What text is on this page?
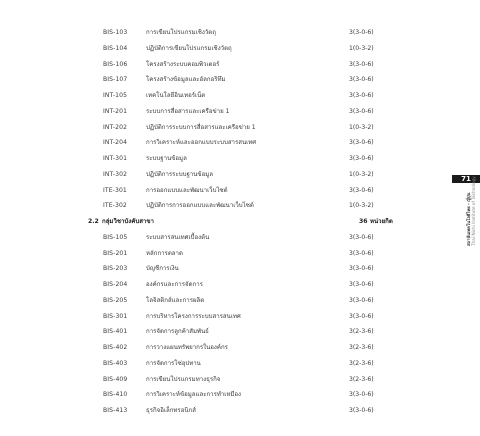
BIS-103	การเขียนโปรแกรมเชิงวัตถุ	3(3-0-6)
BIS-104	ปฏิบัติการเขียนโปรแกรมเชิงวัตถุ	1(0-3-2)
BIS-106	โครงสร้างระบบคอมพิวเตอร์	3(3-0-6)
BIS-107	โครงสร้างข้อมูลและอัลกอริทึม	3(3-0-6)
INT-105	เทคโนโลยีอินเทอร์เน็ต	3(3-0-6)
INT-201	ระบบการสื่อสารและเครือข่าย 1	3(3-0-6)
INT-202	ปฏิบัติการระบบการสื่อสารและเครือข่าย 1	1(0-3-2)
INT-204	การวิเคราะห์และออกแบบระบบสารสนเทศ	3(3-0-6)
INT-301	ระบบฐานข้อมูล	3(3-0-6)
INT-302	ปฏิบัติการระบบฐานข้อมูล	1(0-3-2)
ITE-301	การออกแบบและพัฒนาเว็บไซต์	3(3-0-6)
ITE-302	ปฏิบัติการการออกแบบและพัฒนาเว็บไซต์	1(0-3-2)
2.2 กลุ่มวิชาบังคับสาขา	36 หน่วยกิต
BIS-105	ระบบสารสนเทศเบื้องต้น	3(3-0-6)
BIS-201	หลักการตลาด	3(3-0-6)
BIS-203	บัญชีการเงิน	3(3-0-6)
BIS-204	องค์กรและการจัดการ	3(3-0-6)
BIS-205	โลจิสติกส์และการผลิต	3(3-0-6)
BIS-301	การบริหารโครงการระบบสารสนเทศ	3(3-0-6)
BIS-401	การจัดการลูกค้าสัมพันธ์	3(2-3-6)
BIS-402	การวางแผนทรัพยากรในองค์กร	3(2-3-6)
BIS-403	การจัดการโซ่อุปทาน	3(2-3-6)
BIS-409	การเขียนโปรแกรมทางธุรกิจ	3(2-3-6)
BIS-410	การวิเคราะห์ข้อมูลและการทำเหมือง	3(3-0-6)
BIS-413	ธุรกิจอิเล็กทรอนิกส์	3(3-0-6)
71
สถาบันเทคโนโลยีไทย - ญี่ปุ่น Thai-Nichi Institute of Technology
